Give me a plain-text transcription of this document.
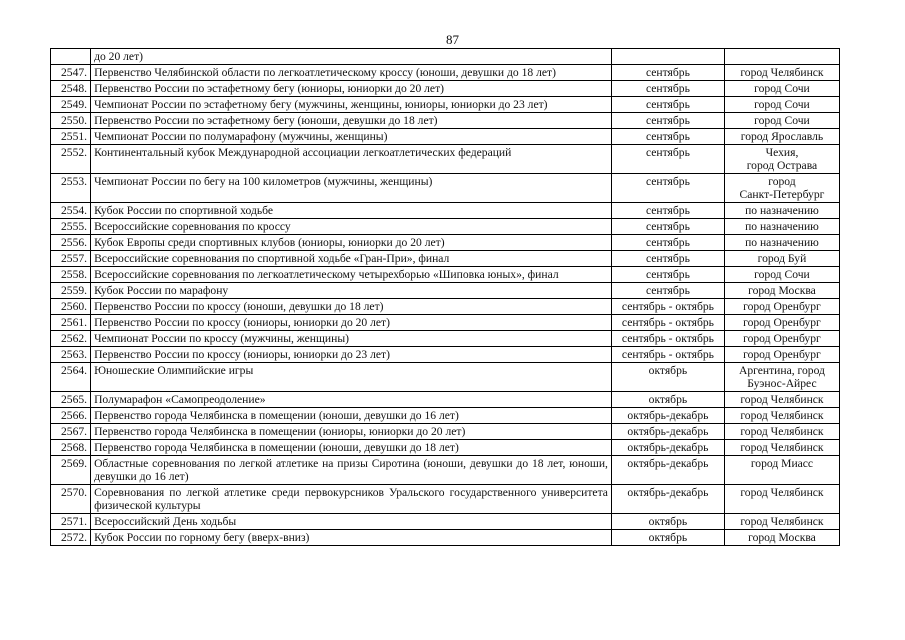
87
	до 20 лет)		
2547.	Первенство Челябинской области по легкоатлетическому кроссу (юноши, девушки до 18 лет)	сентябрь	город Челябинск
2548.	Первенство России по эстафетному бегу (юниоры, юниорки до 20 лет)	сентябрь	город Сочи
2549.	Чемпионат России по эстафетному бегу (мужчины, женщины, юниоры, юниорки до 23 лет)	сентябрь	город Сочи
2550.	Первенство России по эстафетному бегу (юноши, девушки до 18 лет)	сентябрь	город Сочи
2551.	Чемпионат России по полумарафону (мужчины, женщины)	сентябрь	город Ярославль
2552.	Континентальный кубок Международной ассоциации легкоатлетических федераций	сентябрь	Чехия,
город Острава
2553.	Чемпионат России по бегу на 100 километров (мужчины, женщины)	сентябрь	город
Санкт-Петербург
2554.	Кубок России по спортивной ходьбе	сентябрь	по назначению
2555.	Всероссийские соревнования по кроссу	сентябрь	по назначению
2556.	Кубок Европы среди спортивных клубов (юниоры, юниорки до 20 лет)	сентябрь	по назначению
2557.	Всероссийские соревнования по спортивной ходьбе «Гран-При», финал	сентябрь	город Буй
2558.	Всероссийские соревнования по легкоатлетическому четырехборью «Шиповка юных», финал	сентябрь	город Сочи
2559.	Кубок России по марафону	сентябрь	город Москва
2560.	Первенство России по кроссу (юноши, девушки до 18 лет)	сентябрь - октябрь	город Оренбург
2561.	Первенство России по кроссу (юниоры, юниорки до 20 лет)	сентябрь - октябрь	город Оренбург
2562.	Чемпионат России по кроссу (мужчины, женщины)	сентябрь - октябрь	город Оренбург
2563.	Первенство России по кроссу (юниоры, юниорки до 23 лет)	сентябрь - октябрь	город Оренбург
2564.	Юношеские Олимпийские игры	октябрь	Аргентина, город
Буэнос-Айрес
2565.	Полумарафон «Самопреодоление»	октябрь	город Челябинск
2566.	Первенство города Челябинска в помещении (юноши, девушки до 16 лет)	октябрь-декабрь	город Челябинск
2567.	Первенство города Челябинска в помещении (юниоры, юниорки до 20 лет)	октябрь-декабрь	город Челябинск
2568.	Первенство города Челябинска в помещении (юноши, девушки до 18 лет)	октябрь-декабрь	город Челябинск
2569.	Областные соревнования по легкой атлетике на призы Сиротина (юноши, девушки до 18 лет, юноши, девушки до 16 лет)	октябрь-декабрь	город Миасс
2570.	Соревнования по легкой атлетике среди первокурсников Уральского государственного университета физической культуры	октябрь-декабрь	город Челябинск
2571.	Всероссийский День ходьбы	октябрь	город Челябинск
2572.	Кубок России по горному бегу (вверх-вниз)	октябрь	город Москва
